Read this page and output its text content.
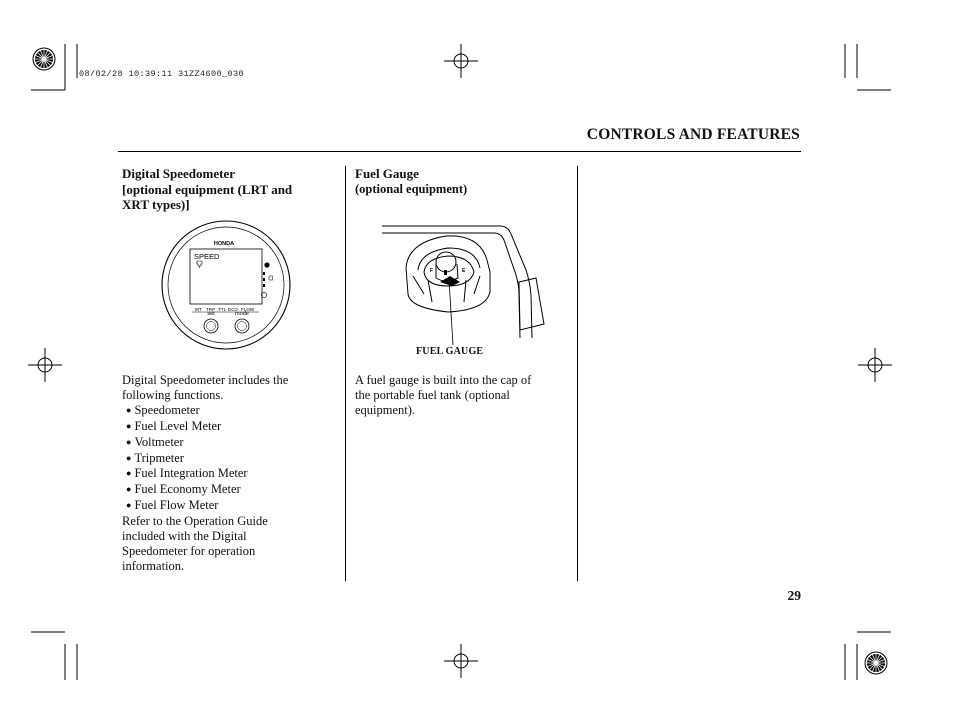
08/02/28 10:39:11 31ZZ4600_030
CONTROLS AND FEATURES
Digital Speedometer
[optional equipment (LRT and
XRT types)]
HONDA
SPEED
MT TRP TTL ECO FLOW
set	mode
Digital Speedometer includes the
following functions.
● Speedometer
● Fuel Level Meter
● Voltmeter
● Tripmeter
● Fuel Integration Meter
● Fuel Economy Meter
● Fuel Flow Meter
Refer to the Operation Guide
included with the Digital
Speedometer for operation
information.
Fuel Gauge
(optional equipment)
F	E
FUEL GAUGE
A fuel gauge is built into the cap of
the portable fuel tank (optional
equipment).
29
